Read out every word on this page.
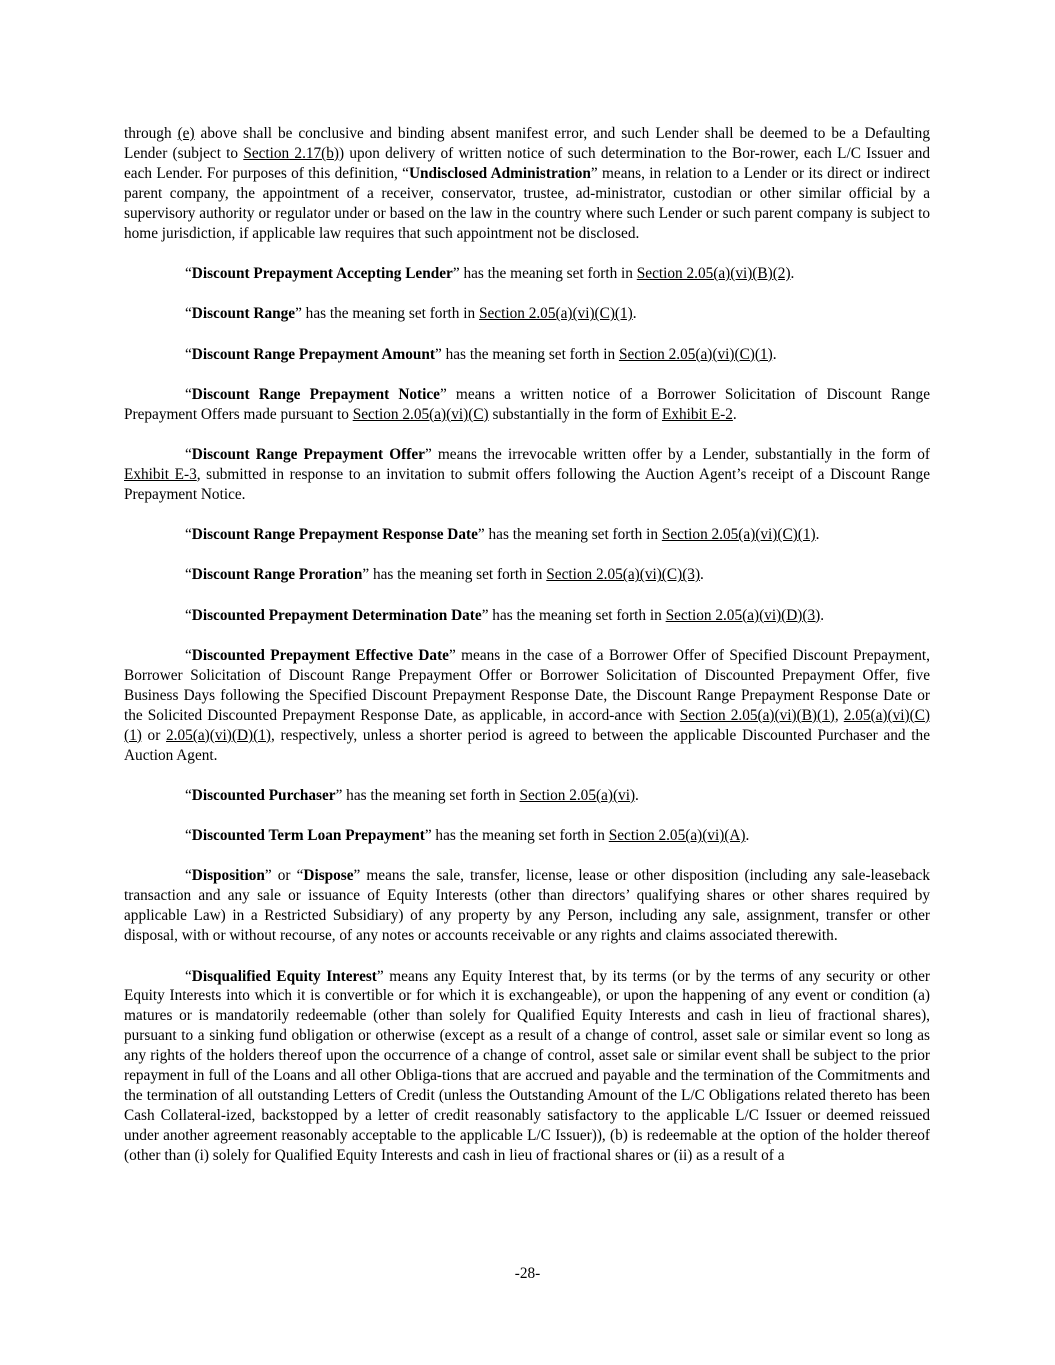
through (e) above shall be conclusive and binding absent manifest error, and such Lender shall be deemed to be a Defaulting Lender (subject to Section 2.17(b)) upon delivery of written notice of such determination to the Bor-rower, each L/C Issuer and each Lender. For purposes of this definition, “Undisclosed Administration” means, in relation to a Lender or its direct or indirect parent company, the appointment of a receiver, conservator, trustee, ad-ministrator, custodian or other similar official by a supervisory authority or regulator under or based on the law in the country where such Lender or such parent company is subject to home jurisdiction, if applicable law requires that such appointment not be disclosed.

“Discount Prepayment Accepting Lender” has the meaning set forth in Section 2.05(a)(vi)(B)(2).

“Discount Range” has the meaning set forth in Section 2.05(a)(vi)(C)(1).

“Discount Range Prepayment Amount” has the meaning set forth in Section 2.05(a)(vi)(C)(1).

“Discount Range Prepayment Notice” means a written notice of a Borrower Solicitation of Discount Range Prepayment Offers made pursuant to Section 2.05(a)(vi)(C) substantially in the form of Exhibit E-2.

“Discount Range Prepayment Offer” means the irrevocable written offer by a Lender, substantially in the form of Exhibit E-3, submitted in response to an invitation to submit offers following the Auction Agent’s receipt of a Discount Range Prepayment Notice.

“Discount Range Prepayment Response Date” has the meaning set forth in Section 2.05(a)(vi)(C)(1).

“Discount Range Proration” has the meaning set forth in Section 2.05(a)(vi)(C)(3).

“Discounted Prepayment Determination Date” has the meaning set forth in Section 2.05(a)(vi)(D)(3).

“Discounted Prepayment Effective Date” means in the case of a Borrower Offer of Specified Discount Prepayment, Borrower Solicitation of Discount Range Prepayment Offer or Borrower Solicitation of Discounted Prepayment Offer, five Business Days following the Specified Discount Prepayment Response Date, the Discount Range Prepayment Response Date or the Solicited Discounted Prepayment Response Date, as applicable, in accord-ance with Section 2.05(a)(vi)(B)(1), 2.05(a)(vi)(C)(1) or 2.05(a)(vi)(D)(1), respectively, unless a shorter period is agreed to between the applicable Discounted Purchaser and the Auction Agent.

“Discounted Purchaser” has the meaning set forth in Section 2.05(a)(vi).

“Discounted Term Loan Prepayment” has the meaning set forth in Section 2.05(a)(vi)(A).

“Disposition” or “Dispose” means the sale, transfer, license, lease or other disposition (including any sale-leaseback transaction and any sale or issuance of Equity Interests (other than directors’ qualifying shares or other shares required by applicable Law) in a Restricted Subsidiary) of any property by any Person, including any sale, assignment, transfer or other disposal, with or without recourse, of any notes or accounts receivable or any rights and claims associated therewith.

“Disqualified Equity Interest” means any Equity Interest that, by its terms (or by the terms of any security or other Equity Interests into which it is convertible or for which it is exchangeable), or upon the happening of any event or condition (a) matures or is mandatorily redeemable (other than solely for Qualified Equity Interests and cash in lieu of fractional shares), pursuant to a sinking fund obligation or otherwise (except as a result of a change of control, asset sale or similar event so long as any rights of the holders thereof upon the occurrence of a change of control, asset sale or similar event shall be subject to the prior repayment in full of the Loans and all other Obliga-tions that are accrued and payable and the termination of the Commitments and the termination of all outstanding Letters of Credit (unless the Outstanding Amount of the L/C Obligations related thereto has been Cash Collateral-ized, backstopped by a letter of credit reasonably satisfactory to the applicable L/C Issuer or deemed reissued under another agreement reasonably acceptable to the applicable L/C Issuer)), (b) is redeemable at the option of the holder thereof (other than (i) solely for Qualified Equity Interests and cash in lieu of fractional shares or (ii) as a result of a

-28-
